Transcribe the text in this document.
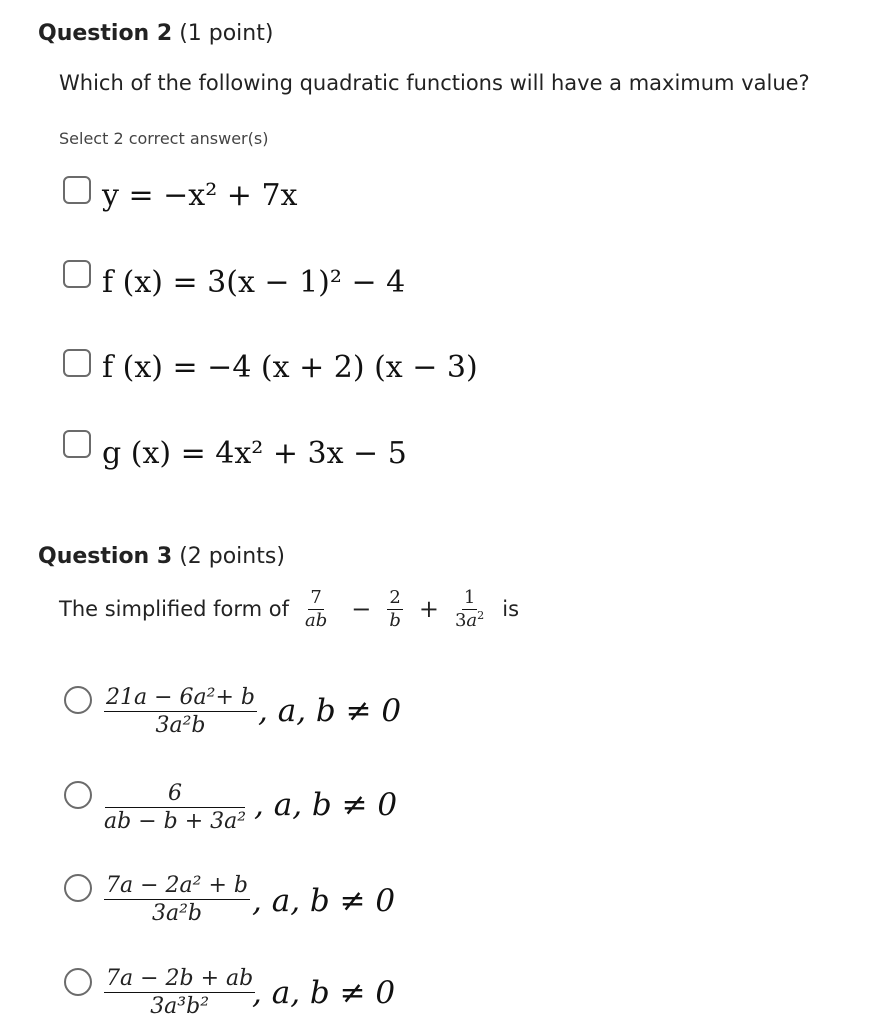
Question 2 (1 point)
Which of the following quadratic functions will have a maximum value?
Select 2 correct answer(s)
y = −x² + 7x
f (x) = 3(x − 1)² − 4
f (x) = −4 (x + 2) (x − 3)
g (x) = 4x² + 3x − 5
Question 3 (2 points)
The simplified form of $\frac{7}{ab} - \frac{2}{b} + \frac{1}{3a^2}$ is
$\frac{\text{21a − 6a²+ b}}{\text{3a²b}}$ , a, b ≠ 0
$\frac{6}{\text{ab − b + 3a²}}$ , a, b ≠ 0
$\frac{\text{7a − 2a² + b}}{\text{3a²b}}$ , a, b ≠ 0
$\frac{7a - 2b + ab}{\text{3a³b²}}$
, a, b ≠ 0
